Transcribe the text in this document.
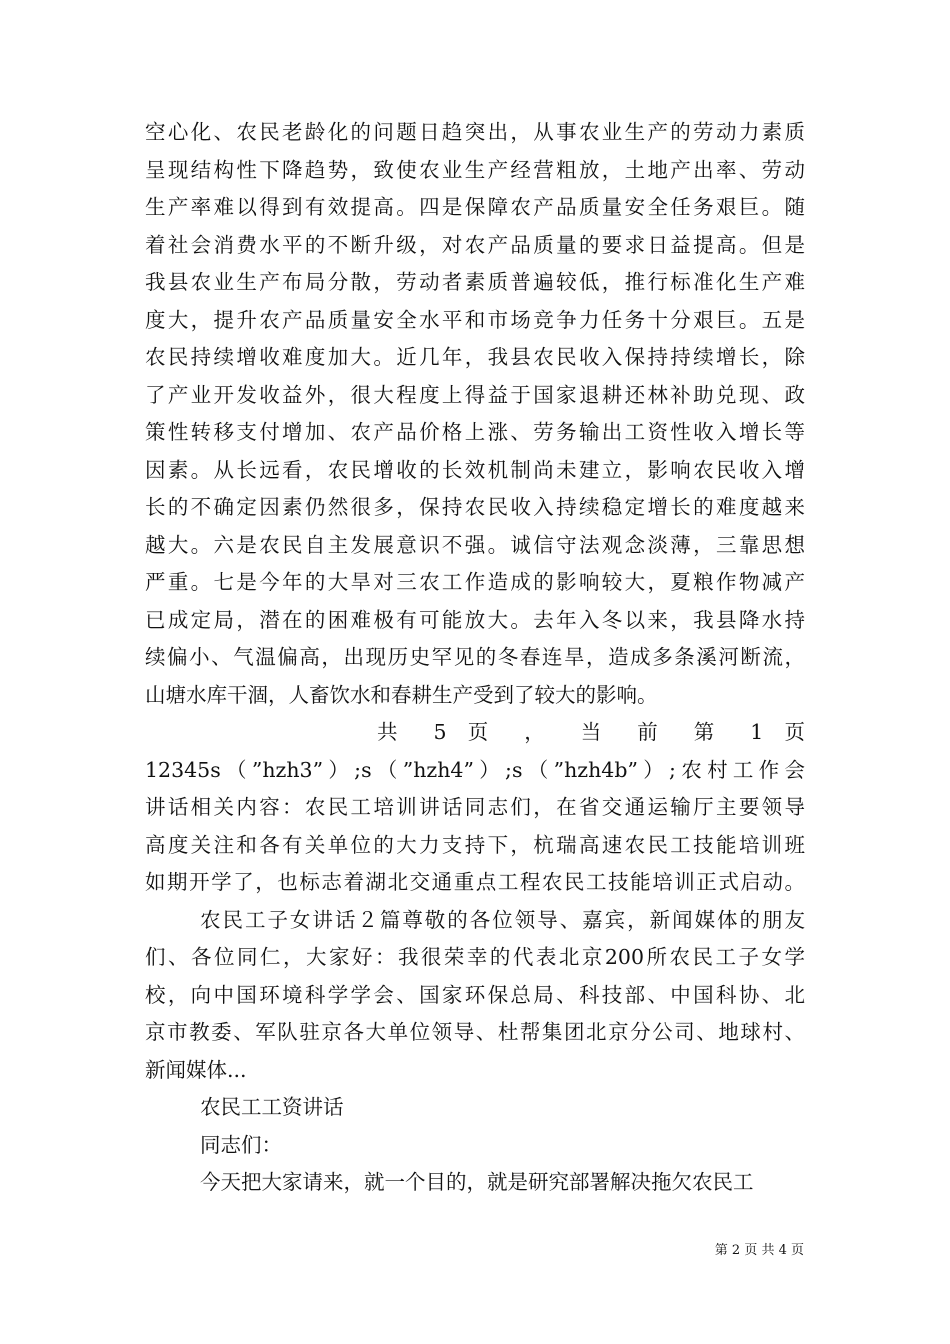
空心化、农民老龄化的问题日趋突出，从事农业生产的劳动力素质
呈现结构性下降趋势，致使农业生产经营粗放，土地产出率、劳动
生产率难以得到有效提高。四是保障农产品质量安全任务艰巨。随
着社会消费水平的不断升级，对农产品质量的要求日益提高。但是
我县农业生产布局分散，劳动者素质普遍较低，推行标准化生产难
度大，提升农产品质量安全水平和市场竞争力任务十分艰巨。五是
农民持续增收难度加大。近几年，我县农民收入保持持续增长，除
了产业开发收益外，很大程度上得益于国家退耕还林补助兑现、政
策性转移支付增加、农产品价格上涨、劳务输出工资性收入增长等
因素。从长远看，农民增收的长效机制尚未建立，影响农民收入增
长的不确定因素仍然很多，保持农民收入持续稳定增长的难度越来
越大。六是农民自主发展意识不强。诚信守法观念淡薄，三靠思想
严重。七是今年的大旱对三农工作造成的影响较大，夏粮作物减产
已成定局，潜在的困难极有可能放大。去年入冬以来，我县降水持
续偏小、气温偏高，出现历史罕见的冬春连旱，造成多条溪河断流，
山塘水库干涸，人畜饮水和春耕生产受到了较大的影响。
共 5 页 ， 当 前 第 1 页
12345s（”hzh3”）;s（”hzh4”）;s（”hzh4b”）;农村工作会
讲话相关内容：农民工培训讲话同志们，在省交通运输厅主要领导
高度关注和各有关单位的大力支持下，杭瑞高速农民工技能培训班
如期开学了，也标志着湖北交通重点工程农民工技能培训正式启动。
农民工子女讲话２篇尊敬的各位领导、嘉宾，新闻媒体的朋友
们、各位同仁，大家好：我很荣幸的代表北京200所农民工子女学
校，向中国环境科学学会、国家环保总局、科技部、中国科协、北
京市教委、军队驻京各大单位领导、杜帮集团北京分公司、地球村、
新闻媒体...
农民工工资讲话
同志们：
今天把大家请来，就一个目的，就是研究部署解决拖欠农民工
第 2 页 共 4 页
